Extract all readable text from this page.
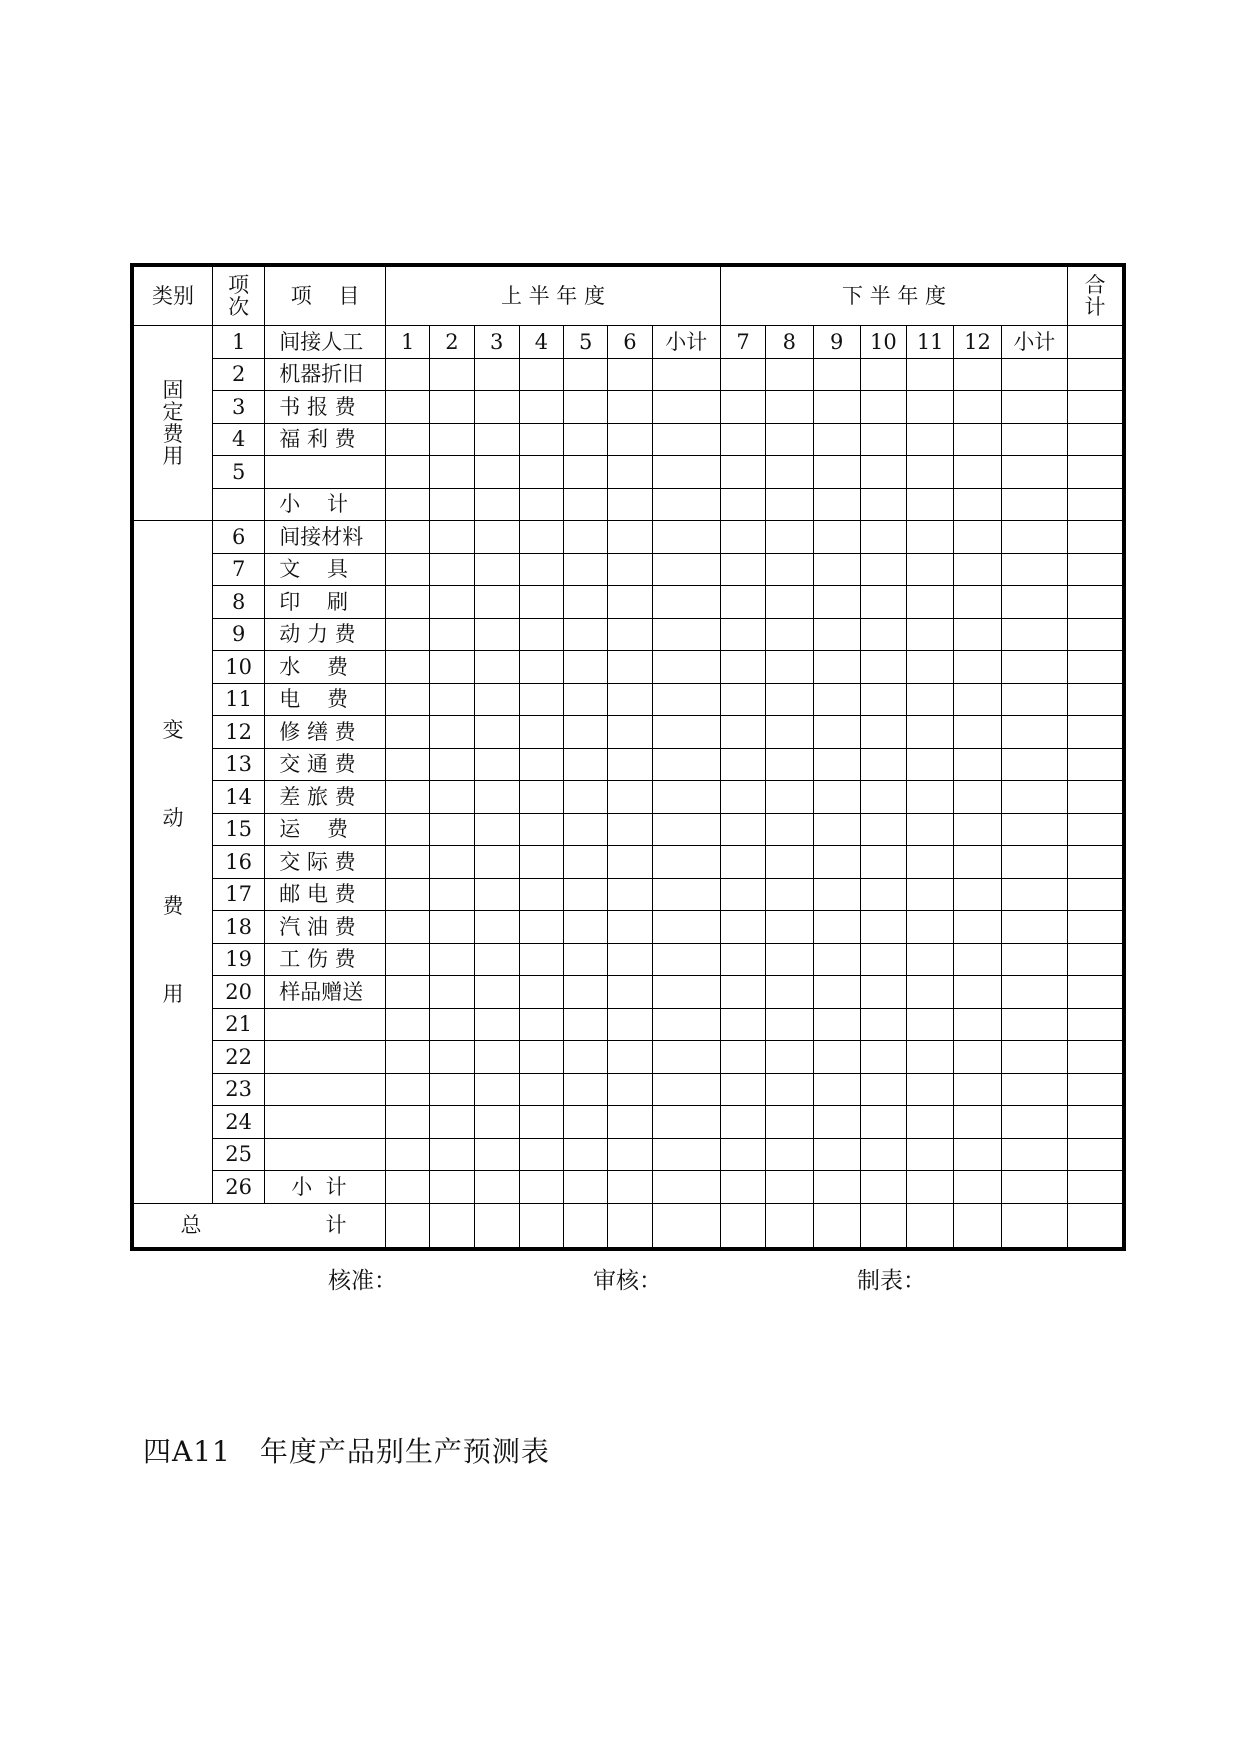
类别	项次	项    目	上 半 年 度							下 半 年 度							合计
固定费用	1	间接人工	1	2	3	4	5	6	小计	7	8	9	10	11	12	小计	
	2	机器折旧															
	3	书 报 费															
	4	福 利 费															
	5																
		小    计															
变动费用	6	间接材料															
	7	文    具															
	8	印    刷															
	9	动 力 费															
	10	水    费															
	11	电    费															
	12	修 缮 费															
	13	交 通 费															
	14	差 旅 费															
	15	运    费															
	16	交 际 费															
	17	邮 电 费															
	18	汽 油 费															
	19	工 伤 费															
	20	样品赠送															
	21																
	22																
	23																
	24																
	25																
	26	小  计															
总 计																	
核准：	审核：	制表：
四A11　年度产品别生产预测表
